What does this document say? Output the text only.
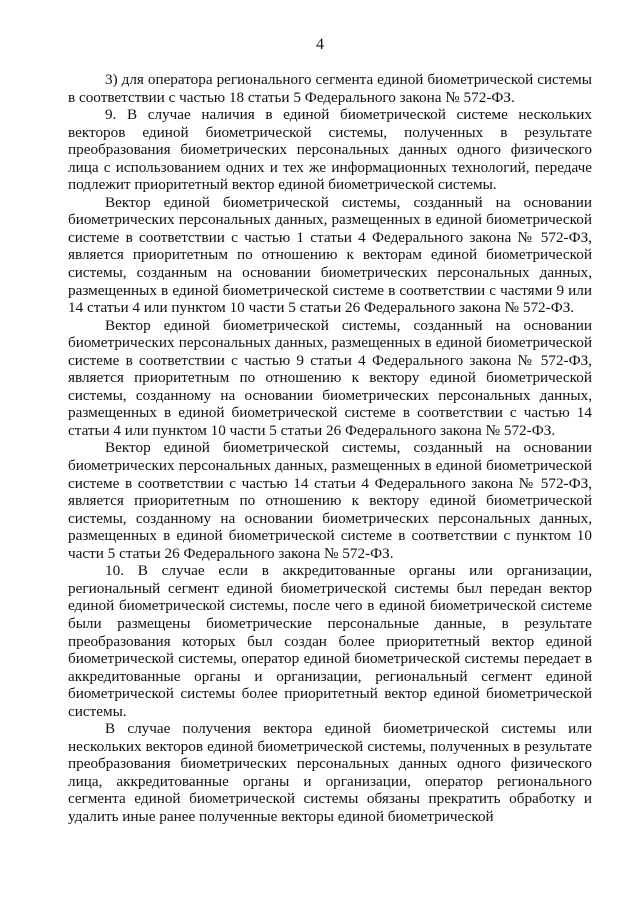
4

3) для оператора регионального сегмента единой биометрической системы в соответствии с частью 18 статьи 5 Федерального закона № 572-ФЗ.

9. В случае наличия в единой биометрической системе нескольких векторов единой биометрической системы, полученных в результате преобразования биометрических персональных данных одного физического лица с использованием одних и тех же информационных технологий, передаче подлежит приоритетный вектор единой биометрической системы.

Вектор единой биометрической системы, созданный на основании биометрических персональных данных, размещенных в единой биометрической системе в соответствии с частью 1 статьи 4 Федерального закона № 572-ФЗ, является приоритетным по отношению к векторам единой биометрической системы, созданным на основании биометрических персональных данных, размещенных в единой биометрической системе в соответствии с частями 9 или 14 статьи 4 или пунктом 10 части 5 статьи 26 Федерального закона № 572-ФЗ.

Вектор единой биометрической системы, созданный на основании биометрических персональных данных, размещенных в единой биометрической системе в соответствии с частью 9 статьи 4 Федерального закона № 572-ФЗ, является приоритетным по отношению к вектору единой биометрической системы, созданному на основании биометрических персональных данных, размещенных в единой биометрической системе в соответствии с частью 14 статьи 4 или пунктом 10 части 5 статьи 26 Федерального закона № 572-ФЗ.

Вектор единой биометрической системы, созданный на основании биометрических персональных данных, размещенных в единой биометрической системе в соответствии с частью 14 статьи 4 Федерального закона № 572-ФЗ, является приоритетным по отношению к вектору единой биометрической системы, созданному на основании биометрических персональных данных, размещенных в единой биометрической системе в соответствии с пунктом 10 части 5 статьи 26 Федерального закона № 572-ФЗ.

10. В случае если в аккредитованные органы или организации, региональный сегмент единой биометрической системы был передан вектор единой биометрической системы, после чего в единой биометрической системе были размещены биометрические персональные данные, в результате преобразования которых был создан более приоритетный вектор единой биометрической системы, оператор единой биометрической системы передает в аккредитованные органы и организации, региональный сегмент единой биометрической системы более приоритетный вектор единой биометрической системы.

В случае получения вектора единой биометрической системы или нескольких векторов единой биометрической системы, полученных в результате преобразования биометрических персональных данных одного физического лица, аккредитованные органы и организации, оператор регионального сегмента единой биометрической системы обязаны прекратить обработку и удалить иные ранее полученные векторы единой биометрической
